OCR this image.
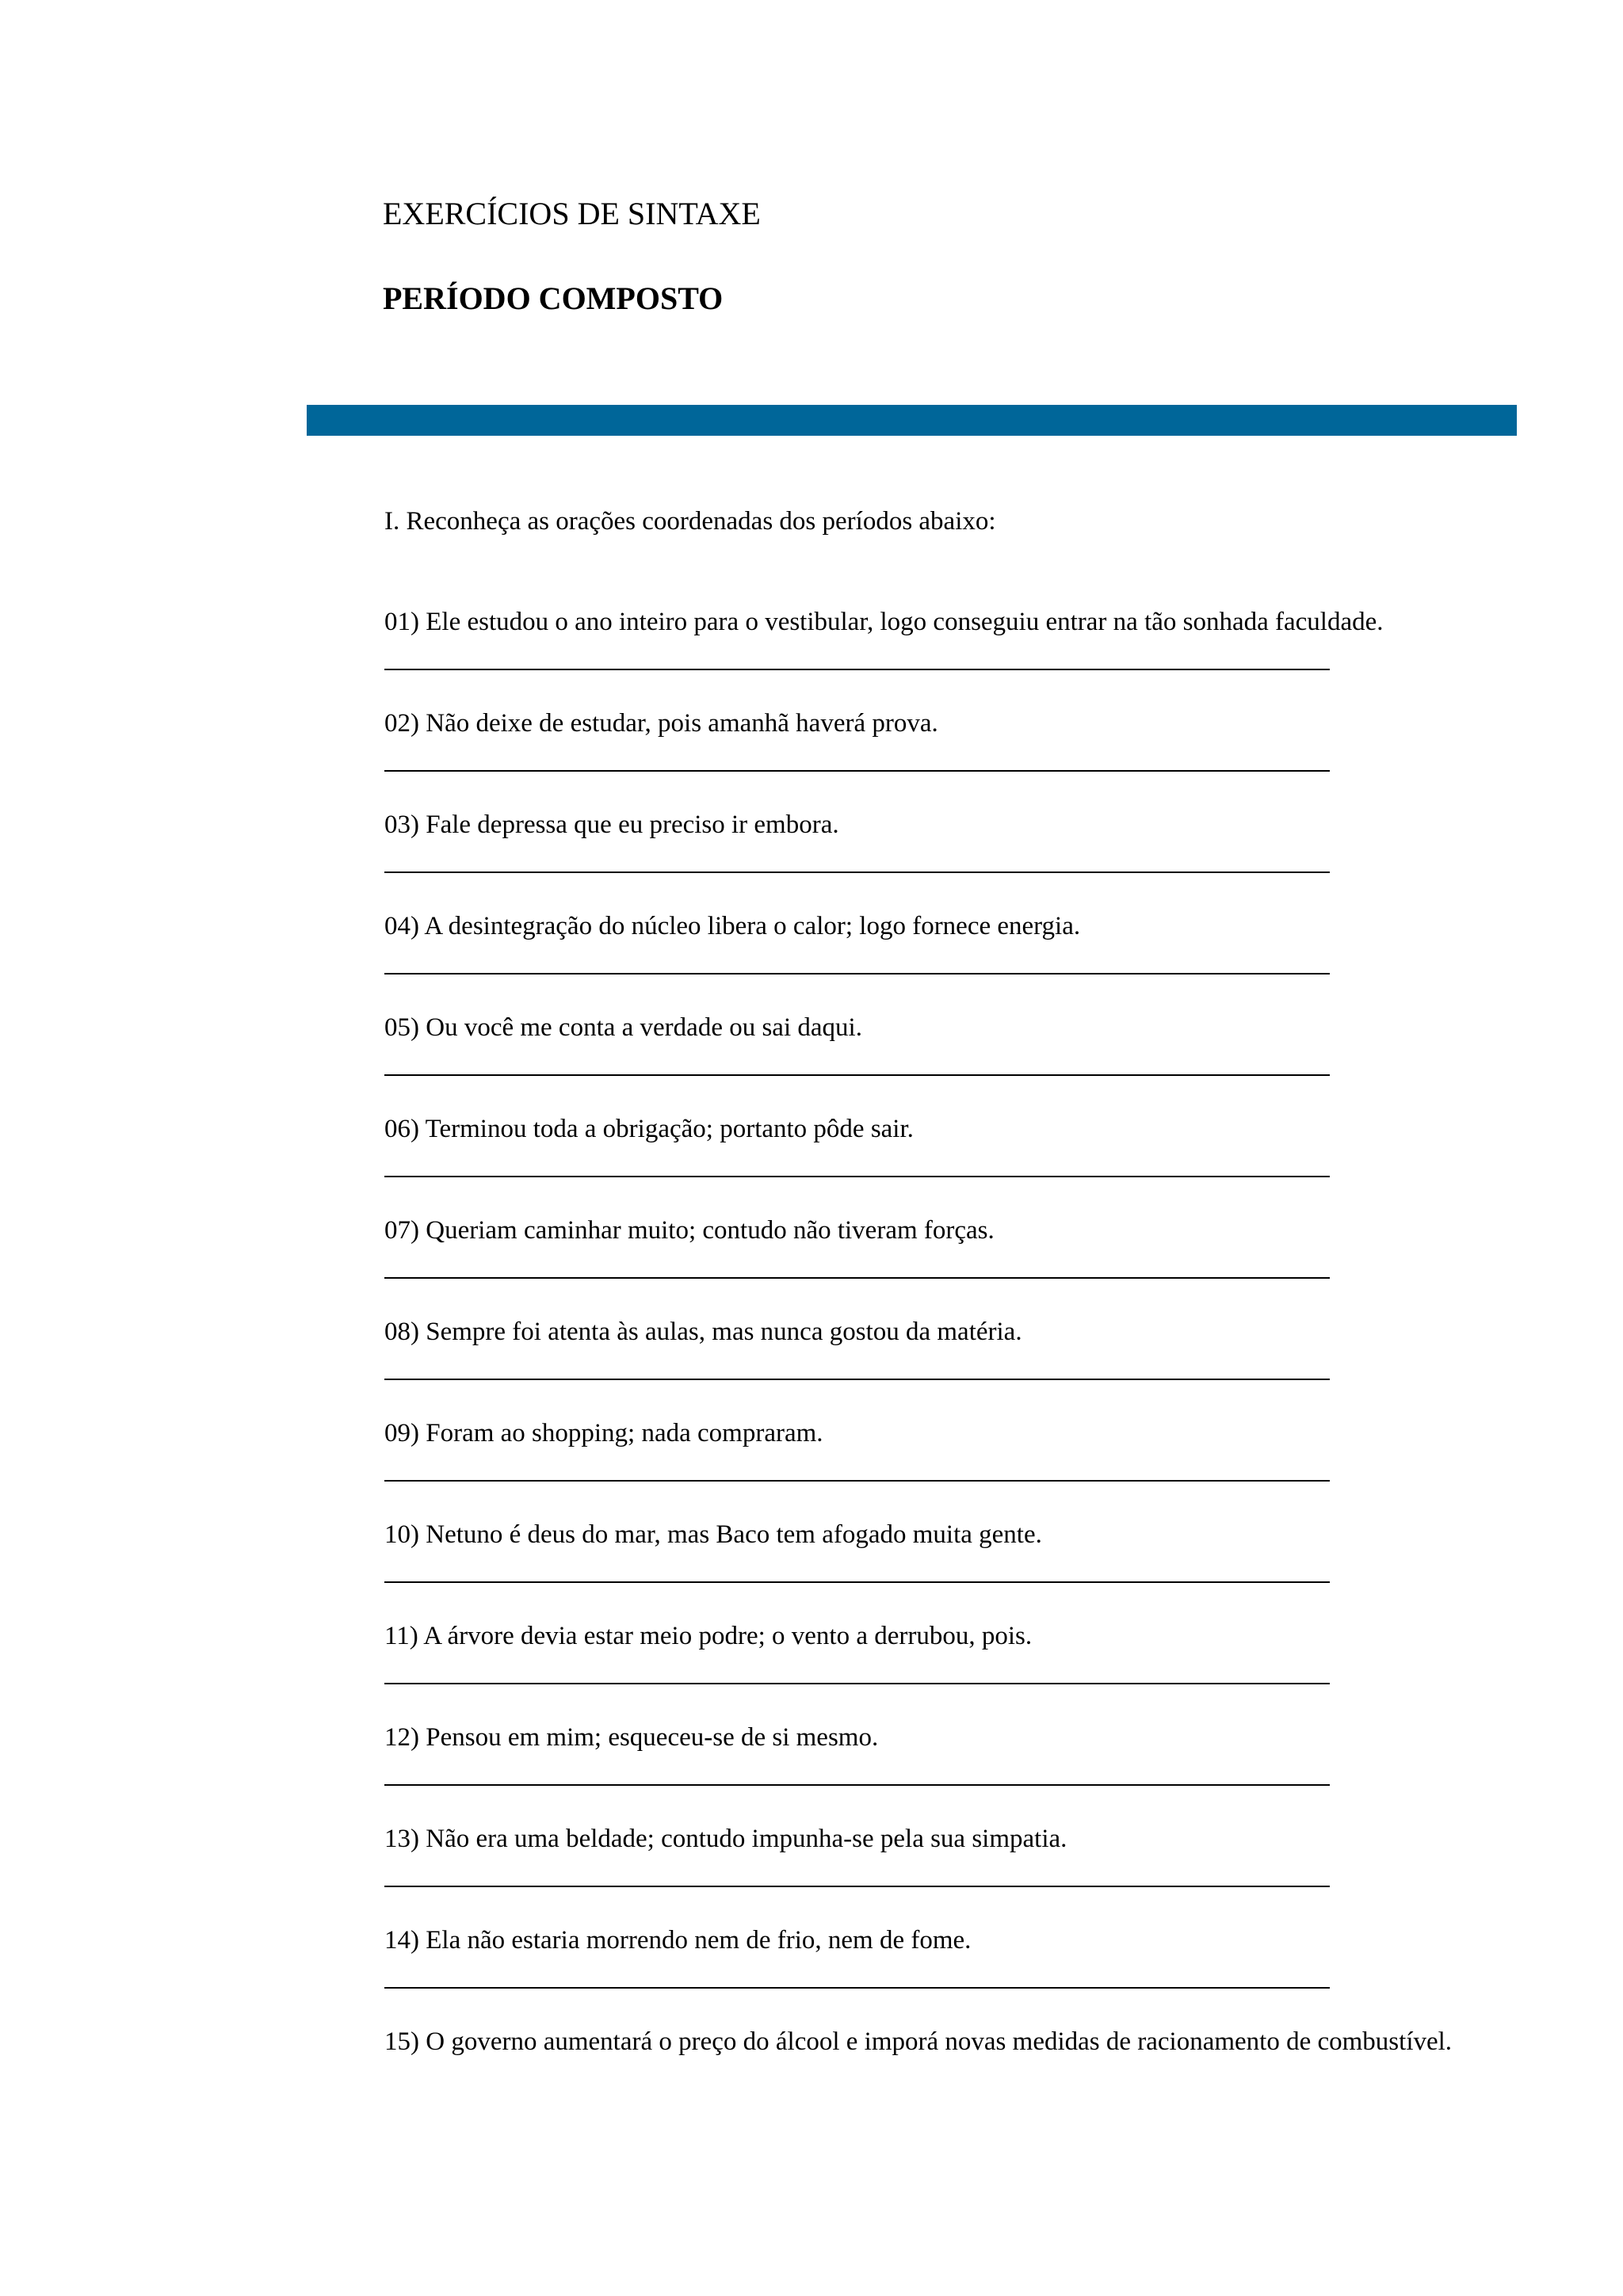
EXERCÍCIOS DE SINTAXE
PERÍODO COMPOSTO

I. Reconheça as orações coordenadas dos períodos abaixo:

01) Ele estudou o ano inteiro para o vestibular, logo conseguiu entrar na tão sonhada faculdade.
02) Não deixe de estudar, pois amanhã haverá prova.
03) Fale depressa que eu preciso ir embora.
04) A desintegração do núcleo libera o calor; logo fornece energia.
05) Ou você me conta a verdade ou sai daqui.
06) Terminou toda a obrigação; portanto pôde sair.
07) Queriam caminhar muito; contudo não tiveram forças.
08) Sempre foi atenta às aulas, mas nunca gostou da matéria.
09) Foram ao shopping; nada compraram.
10) Netuno é deus do mar, mas Baco tem afogado muita gente.
11) A árvore devia estar meio podre; o vento a derrubou, pois.
12) Pensou em mim; esqueceu-se de si mesmo.
13) Não era uma beldade; contudo impunha-se pela sua simpatia.
14) Ela não estaria morrendo nem de frio, nem de fome.
15) O governo aumentará o preço do álcool e imporá novas medidas de racionamento de combustível.
